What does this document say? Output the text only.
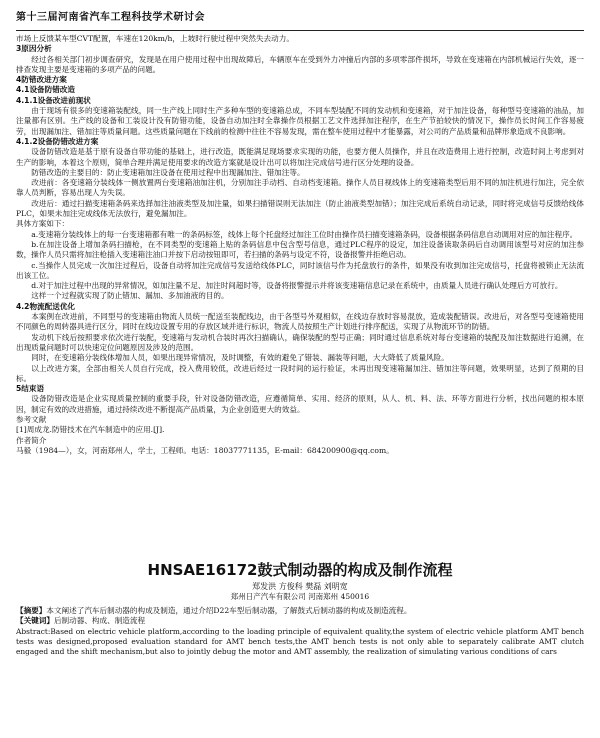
第十三届河南省汽车工程科技学术研讨会

市场上反馈某车型CVT配置，车速在120km/h，上坡时行驶过程中突然失去动力。

3原因分析

经过各相关部门初步调查研究，发现是在用户使用过程中出现故障后，车辆原车在受到外力冲撞后内部的多项零部件损坏，导致在变速箱在内部机械运行失效，逐一排查发现主要是变速箱的多项产品的问题。

4防错改进方案

4.1设备防错改造

4.1.1设备改进前现状

由于现场有很多的变速箱装配线，同一生产线上同时生产多种车型的变速箱总成，不同车型装配不同的发动机和变速箱，对于加注设备，每种型号变速箱的油品，加注量都有区别。生产线的设备和工装设计没有防错功能，设备自动加注时全靠操作员根据工艺文件选择加注程序，在生产节拍较快的情况下，操作员长时间工作容易疲劳，出现漏加注、错加注等质量问题。这些质量问题在下线前的检测中往往不容易发现，需在整车使用过程中才能暴露，对公司的产品质量和品牌形象造成不良影响。

4.1.2设备防错改进方案

设备防错改造是基于原有设备自带功能的基础上，进行改造，既能满足现场要求实现的功能，也要方便人员操作，并且在改造费用上进行控制，改造时间上考虑到对生产的影响，本着这个原则，简单合理并满足使用要求的改造方案就是设计出可以将加注完成信号进行区分处理的设备。

防错改造的主要目的：防止变速箱加注设备在使用过程中出现漏加注、错加注等。

改进前：各变速箱分装线体一侧放置两台变速箱油加注机，分别加注手动档、自动档变速箱。操作人员目视线体上的变速箱类型后用不同的加注机进行加注，完全依靠人员判断，容易出现人为失误。

改进后：通过扫描变速箱条码来选择加注油液类型及加注量，如果扫描错误则无法加注（防止油液类型加错）；加注完成后系统自动记录，同时将完成信号反馈给线体PLC，如果未加注完成线体无法放行，避免漏加注。

具体方案如下：

a.变速箱分装线体上的每一台变速箱都有唯一的条码标签，线体上每个托盘经过加注工位时由操作员扫描变速箱条码，设备根据条码信息自动调用对应的加注程序。

b.在加注设备上增加条码扫描枪，在不同类型的变速箱上贴的条码信息中包含型号信息，通过PLC程序的设定，加注设备读取条码后自动调用该型号对应的加注参数，操作人员只需将加注枪插入变速箱注油口并按下启动按钮即可，若扫描的条码与设定不符，设备报警并拒绝启动。

c.当操作人员完成一次加注过程后，设备自动将加注完成信号发送给线体PLC，同时该信号作为托盘放行的条件，如果没有收到加注完成信号，托盘将被锁止无法流出该工位。

d.对于加注过程中出现的异常情况，如加注量不足、加注时间超时等，设备将报警提示并将该变速箱信息记录在系统中，由质量人员进行确认处理后方可放行。

这样一个过程就实现了防止错加、漏加、多加油液的目的。

4.2物流配送优化

本案例在改进前，不同型号的变速箱由物流人员统一配送至装配线边，由于各型号外观相似，在线边存放时容易混放，造成装配错误。改进后，对各型号变速箱使用不同颜色的周转器具进行区分，同时在线边设置专用的存放区域并进行标识，物流人员按照生产计划进行排序配送，实现了从物流环节的防错。

发动机下线后按照要求依次进行装配，变速箱与发动机合装时再次扫描确认，确保装配的型号正确；同时通过信息系统对每台变速箱的装配及加注数据进行追溯，在出现质量问题时可以快速定位问题原因及涉及的范围。

同时，在变速箱分装线体增加人员，如果出现异常情况，及时调整，有效的避免了错装、漏装等问题，大大降低了质量风险。

以上改进方案，全部由相关人员自行完成，投入费用较低，改进后经过一段时间的运行验证，未再出现变速箱漏加注、错加注等问题，效果明显，达到了预期的目标。

5结束语

设备防错改造是企业实现质量控制的重要手段，针对设备防错改造，应遵循简单、实用、经济的原则，从人、机、料、法、环等方面进行分析，找出问题的根本原因，制定有效的改进措施，通过持续改进不断提高产品质量，为企业创造更大的效益。

参考文献

[1]周成龙.防错技术在汽车制造中的应用.[J].

作者简介

马毅（1984—），女，河南郑州人，学士，工程师。电话：18037771135，E-mail：684200900@qq.com。

HNSAE16172鼓式制动器的构成及制作流程

郑发洪 方俊科 樊磊 刘明宽

郑州日产汽车有限公司 河南郑州 450016

【摘要】本文阐述了汽车后制动器的构成及制造，通过介绍D22车型后制动器，了解鼓式后制动器的构成及制造流程。

【关键词】后制动器、构成、制造流程

Abstract:Based on electric vehicle platform,according to the loading principle of equivalent quality,the system of electric vehicle platform AMT bench tests was designed,proposed evaluation standard for AMT bench tests,the AMT bench tests is not only able to separately calibrate AMT clutch engaged and the shift mechanism,but also to jointly debug the motor and AMT assembly, the realization of simulating various conditions of cars
